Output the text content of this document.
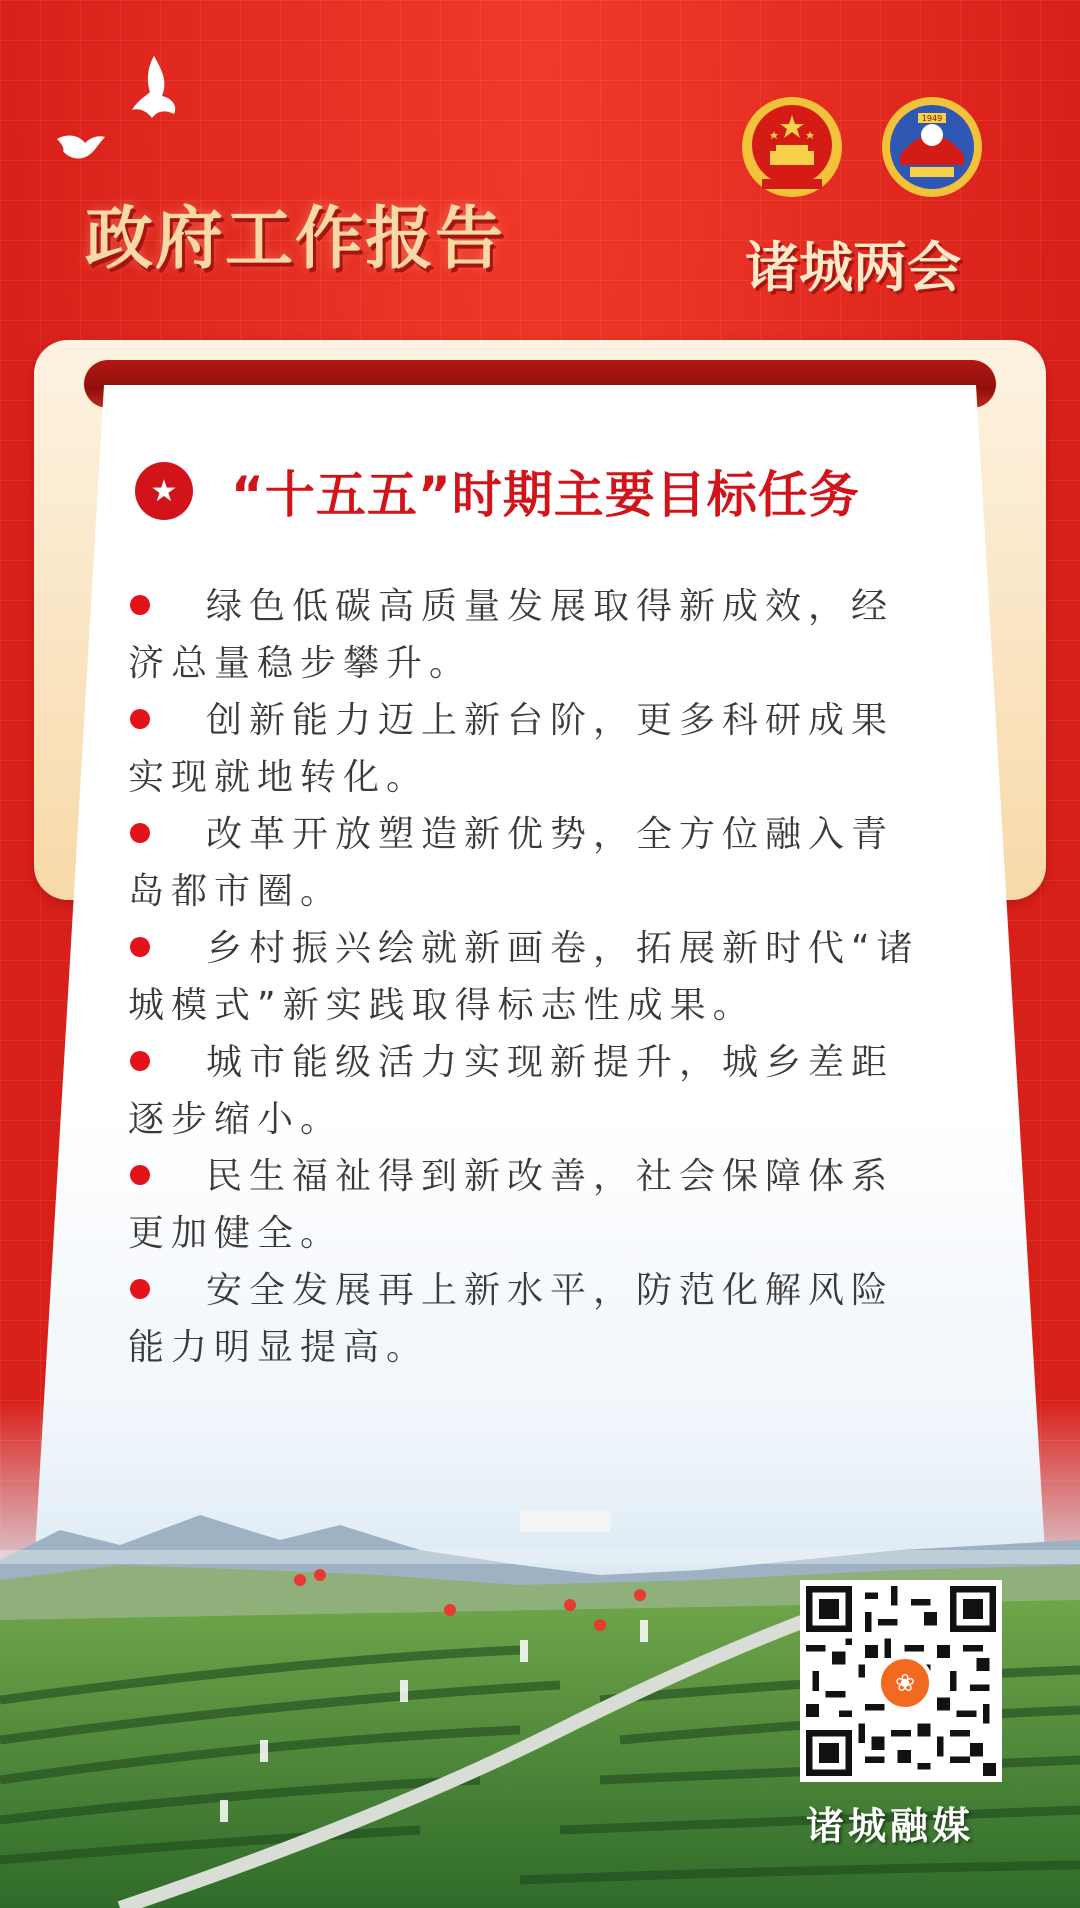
政府工作报告
1949
诸城两会
★	“十五五”时期主要目标任务
绿色低碳高质量发展取得新成效，经济总量稳步攀升。
创新能力迈上新台阶，更多科研成果实现就地转化。
改革开放塑造新优势，全方位融入青岛都市圈。
乡村振兴绘就新画卷，拓展新时代“诸城模式”新实践取得标志性成果。
城市能级活力实现新提升，城乡差距逐步缩小。
民生福祉得到新改善，社会保障体系更加健全。
安全发展再上新水平，防范化解风险能力明显提高。
❀
诸城融媒
